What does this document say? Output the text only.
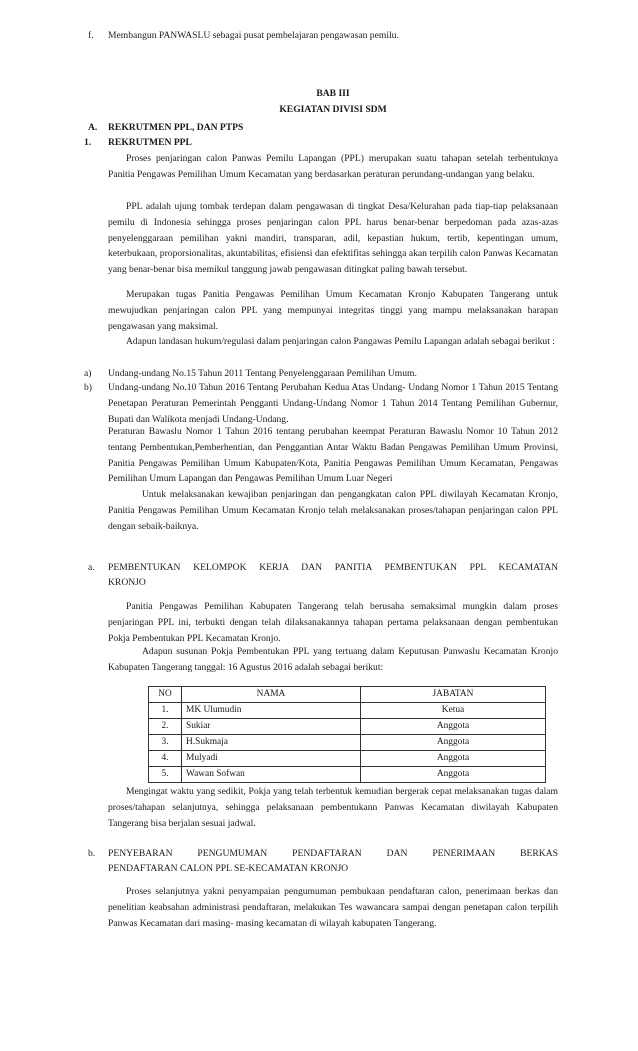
f. Membangun PANWASLU sebagai pusat pembelajaran pengawasan pemilu.

BAB III

KEGIATAN DIVISI SDM

A. REKRUTMEN PPL, DAN PTPS
1. REKRUTMEN PPL

Proses penjaringan calon Panwas Pemilu Lapangan (PPL) merupakan suatu tahapan setelah terbentuknya Panitia Pengawas Pemilihan Umum Kecamatan yang berdasarkan peraturan perundang-undangan yang belaku.

PPL adalah ujung tombak terdepan dalam pengawasan di tingkat Desa/Kelurahan pada tiap-tiap pelaksanaan pemilu di Indonesia sehingga proses penjaringan calon PPL harus benar-benar berpedoman pada azas-azas penyelenggaraan pemilihan yakni mandiri, transparan, adil, kepastian hukum, tertib, kepentingan umum, keterbukaan, proporsionalitas, akuntabilitas, efisiensi dan efektifitas sehingga akan terpilih calon Panwas Kecamatan yang benar-benar bisa memikul tanggung jawab pengawasan ditingkat paling bawah tersebut.

Merupakan tugas Panitia Pengawas Pemilihan Umum Kecamatan Kronjo Kabupaten Tangerang untuk mewujudkan penjaringan calon PPL yang mempunyai integritas tinggi yang mampu melaksanakan harapan pengawasan yang maksimal.

Adapun landasan hukum/regulasi dalam penjaringan calon Pangawas Pemilu Lapangan adalah sebagai berikut :

a) Undang-undang No.15 Tahun 2011 Tentang Penyelenggaraan Pemilihan Umum.

b) Undang-undang No.10 Tahun 2016 Tentang Perubahan Kedua Atas Undang- Undang Nomor 1 Tahun 2015 Tentang Penetapan Peraturan Pemerintah Pengganti Undang-Undang Nomor 1 Tahun 2014 Tentang Pemilihan Gubernur, Bupati dan Walikota menjadi Undang-Undang.

Peraturan Bawaslu Nomor 1 Tahun 2016 tentang perubahan keempat Peraturan Bawaslu Nomor 10 Tahun 2012 tentang Pembentukan,Pemberhentian, dan Penggantian Antar Waktu Badan Pengawas Pemilihan Umum Provinsi, Panitia Pengawas Pemilihan Umum Kabupaten/Kota, Panitia Pengawas Pemilihan Umum Kecamatan, Pengawas Pemilihan Umum Lapangan dan Pengawas Pemilihan Umum Luar Negeri

Untuk melaksanakan kewajiban penjaringan dan pengangkatan calon PPL diwilayah Kecamatan Kronjo, Panitia Pengawas Pemilihan Umum Kecamatan Kronjo telah melaksanakan proses/tahapan penjaringan calon PPL dengan sebaik-baiknya.

a. PEMBENTUKAN KELOMPOK KERJA DAN PANITIA PEMBENTUKAN PPL KECAMATAN

KRONJO

Panitia Pengawas Pemilihan Kabupaten Tangerang telah berusaha semaksimal mungkin dalam proses penjaringan PPL ini, terbukti dengan telah dilaksanakannya tahapan pertama pelaksanaan dengan pembentukan Pokja Pembentukan PPL Kecamatan Kronjo.

Adapun susunan Pokja Pembentukan PPL yang tertuang dalam Keputusan Panwaslu Kecamatan Kronjo Kabupaten Tangerang tanggal: 16 Agustus 2016 adalah sebagai berikut:

NO	NAMA	JABATAN
1.	MK Ulumudin	Ketua
2.	Sukiar	Anggota
3.	H.Sukmaja	Anggota
4.	Mulyadi	Anggota
5.	Wawan Sofwan	Anggota

Mengingat waktu yang sedikit, Pokja yang telah terbentuk kemudian bergerak cepat melaksanakan tugas dalam proses/tahapan selanjutnya, sehingga pelaksanaan pembentukann Panwas Kecamatan diwilayah Kabupaten Tangerang bisa berjalan sesuai jadwal.

b. PENYEBARAN PENGUMUMAN PENDAFTARAN DAN PENERIMAAN BERKAS

PENDAFTARAN CALON PPL SE-KECAMATAN KRONJO

Proses selanjutnya yakni penyampaian pengumuman pembukaan pendaftaran calon, penerimaan berkas dan penelitian keabsahan administrasi pendaftaran, melakukan Tes wawancara sampai dengan penetapan calon terpilih Panwas Kecamatan dari masing- masing kecamatan di wilayah kabupaten Tangerang.
